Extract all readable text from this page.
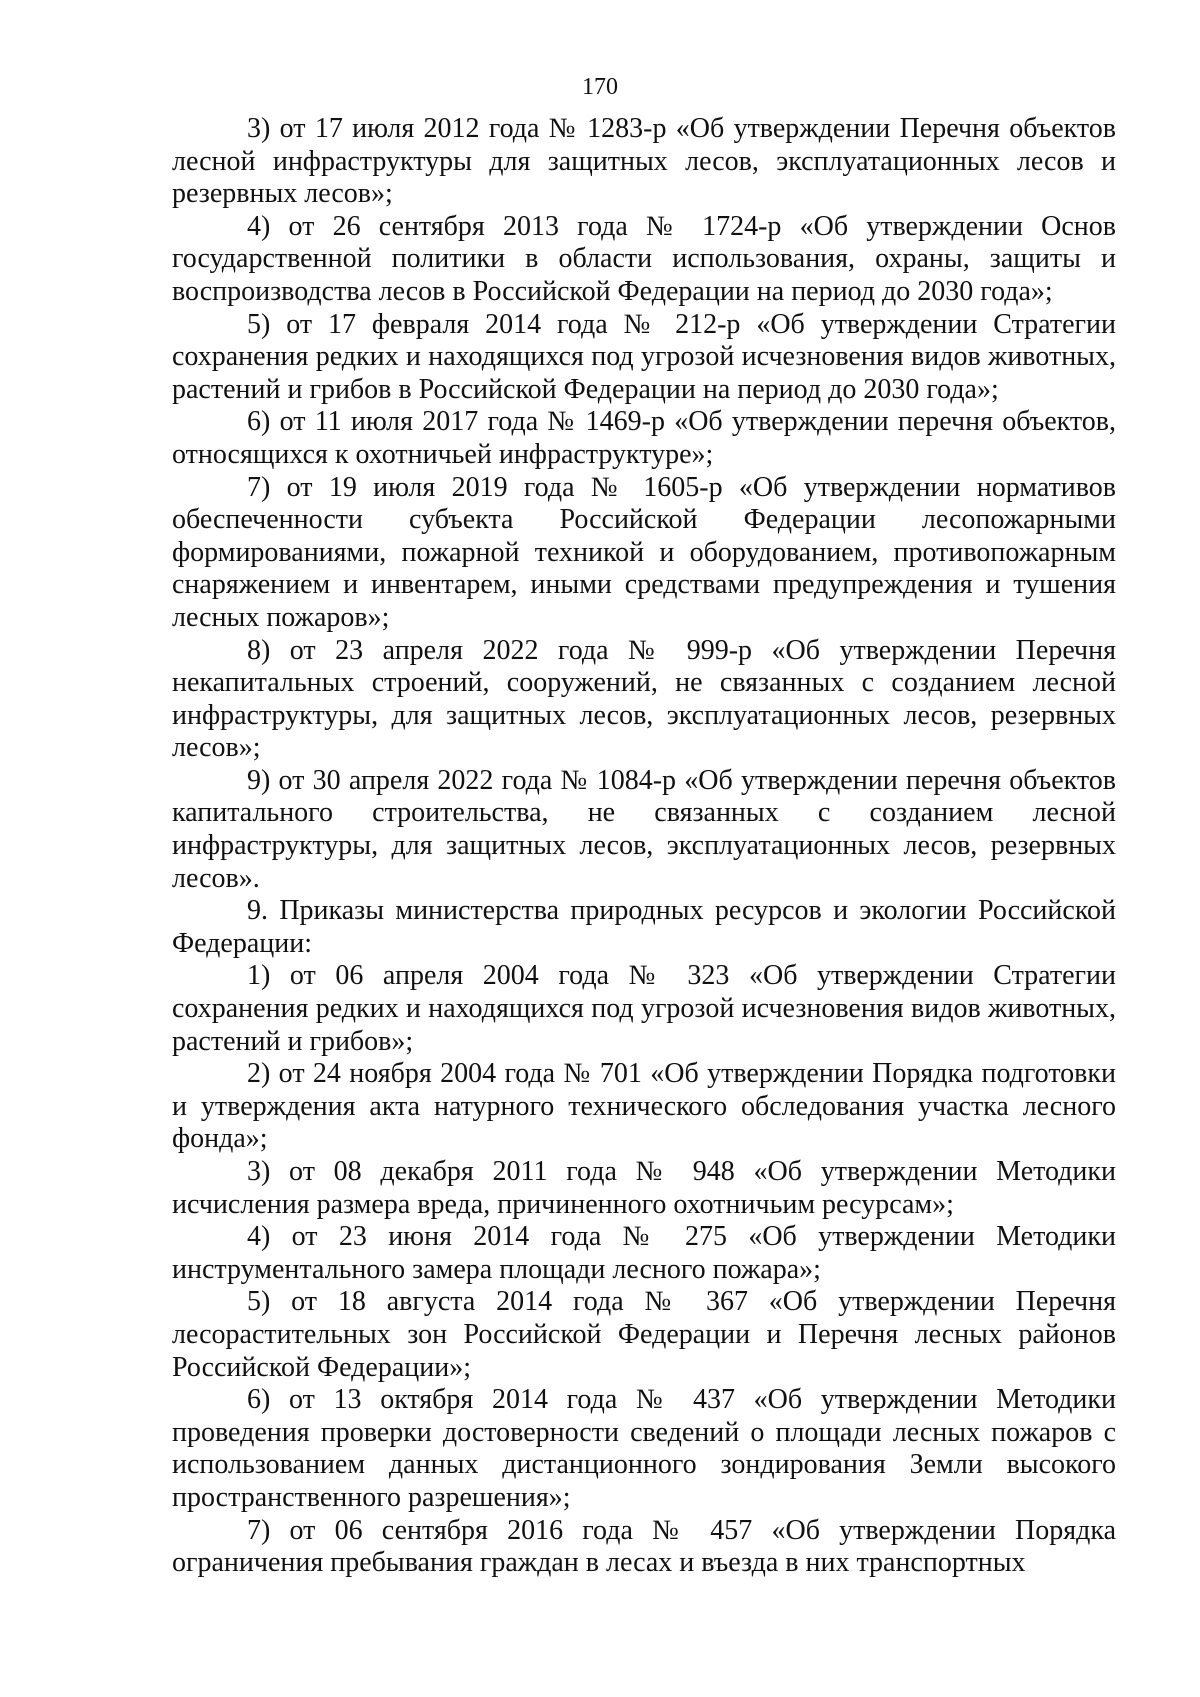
170

3) от 17 июля 2012 года № 1283-р «Об утверждении Перечня объектов лесной инфраструктуры для защитных лесов, эксплуатационных лесов и резервных лесов»;

4) от 26 сентября 2013 года № 1724-р «Об утверждении Основ государственной политики в области использования, охраны, защиты и воспроизводства лесов в Российской Федерации на период до 2030 года»;

5) от 17 февраля 2014 года № 212-р «Об утверждении Стратегии сохранения редких и находящихся под угрозой исчезновения видов животных, растений и грибов в Российской Федерации на период до 2030 года»;

6) от 11 июля 2017 года № 1469-р «Об утверждении перечня объектов, относящихся к охотничьей инфраструктуре»;

7) от 19 июля 2019 года № 1605-р «Об утверждении нормативов обеспеченности субъекта Российской Федерации лесопожарными формированиями, пожарной техникой и оборудованием, противопожарным снаряжением и инвентарем, иными средствами предупреждения и тушения лесных пожаров»;

8) от 23 апреля 2022 года № 999-р «Об утверждении Перечня некапитальных строений, сооружений, не связанных с созданием лесной инфраструктуры, для защитных лесов, эксплуатационных лесов, резервных лесов»;

9) от 30 апреля 2022 года № 1084-р «Об утверждении перечня объектов капитального строительства, не связанных с созданием лесной инфраструктуры, для защитных лесов, эксплуатационных лесов, резервных лесов».

9. Приказы министерства природных ресурсов и экологии Российской Федерации:

1) от 06 апреля 2004 года № 323 «Об утверждении Стратегии сохранения редких и находящихся под угрозой исчезновения видов животных, растений и грибов»;

2) от 24 ноября 2004 года № 701 «Об утверждении Порядка подготовки и утверждения акта натурного технического обследования участка лесного фонда»;

3) от 08 декабря 2011 года № 948 «Об утверждении Методики исчисления размера вреда, причиненного охотничьим ресурсам»;

4) от 23 июня 2014 года № 275 «Об утверждении Методики инструментального замера площади лесного пожара»;

5) от 18 августа 2014 года № 367 «Об утверждении Перечня лесорастительных зон Российской Федерации и Перечня лесных районов Российской Федерации»;

6) от 13 октября 2014 года № 437 «Об утверждении Методики проведения проверки достоверности сведений о площади лесных пожаров с использованием данных дистанционного зондирования Земли высокого пространственного разрешения»;

7) от 06 сентября 2016 года № 457 «Об утверждении Порядка ограничения пребывания граждан в лесах и въезда в них транспортных
